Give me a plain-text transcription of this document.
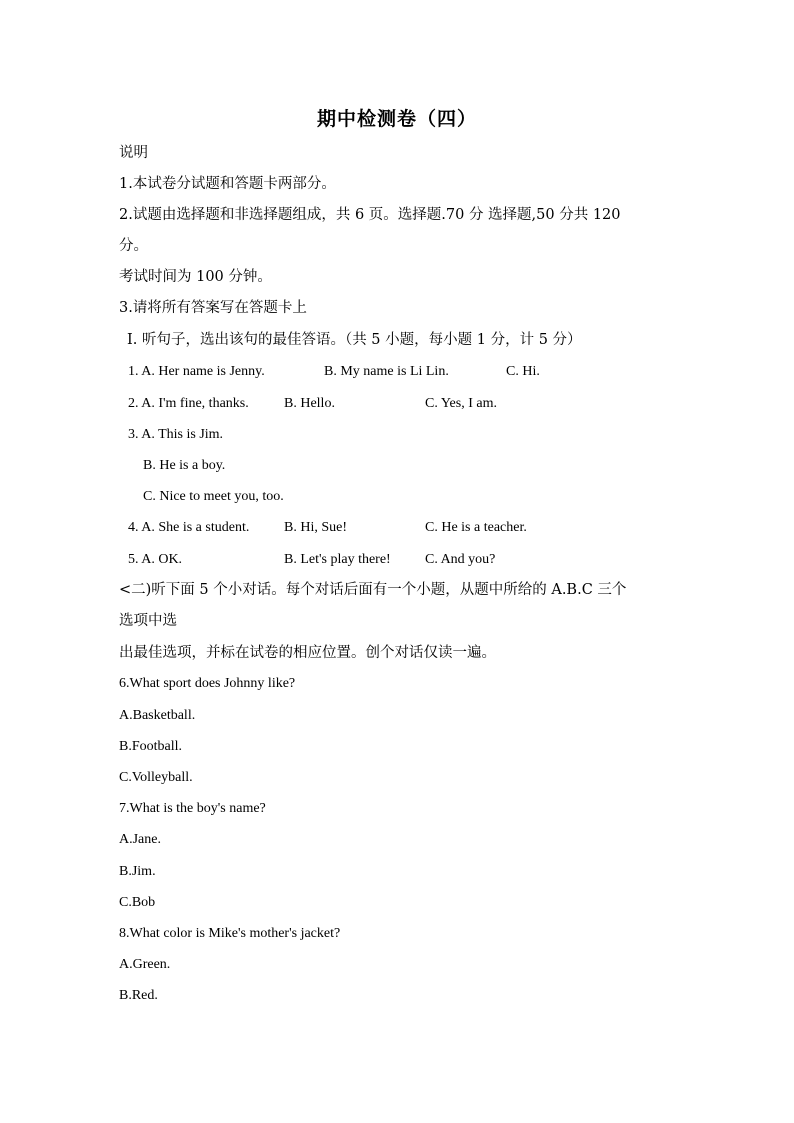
期中检测卷（四）
说明
1.本试卷分试题和答题卡两部分。
2.试题由选择题和非选择题组成，共 6 页。选择题.70 分 选择题,50 分共 120
分。
考试时间为 100 分钟。
3.请将所有答案写在答题卡上
I. 听句子，选出该句的最佳答语。（共 5 小题，每小题 1 分，计 5 分）
1. A. Her name is Jenny.	B. My name is Li Lin.	C. Hi.
2. A. I'm fine, thanks.	B. Hello.	C. Yes, I am.
3. A. This is Jim.
B. He is a boy.
C. Nice to meet you, too.
4. A. She is a student. B. Hi, Sue!	C. He is a teacher.
5. A. OK.	B. Let's play there! C. And you?
<二)听下面 5 个小对话。每个对话后面有一个小题，从题中所给的 A.B.C 三个
选项中选
出最佳选项，并标在试卷的相应位置。创个对话仅读一遍。
6.What sport does Johnny like?
A.Basketball.
B.Football.
C.Volleyball.
7.What is the boy's name?
A.Jane.
B.Jim.
C.Bob
8.What color is Mike's mother's jacket?
A.Green.
B.Red.
